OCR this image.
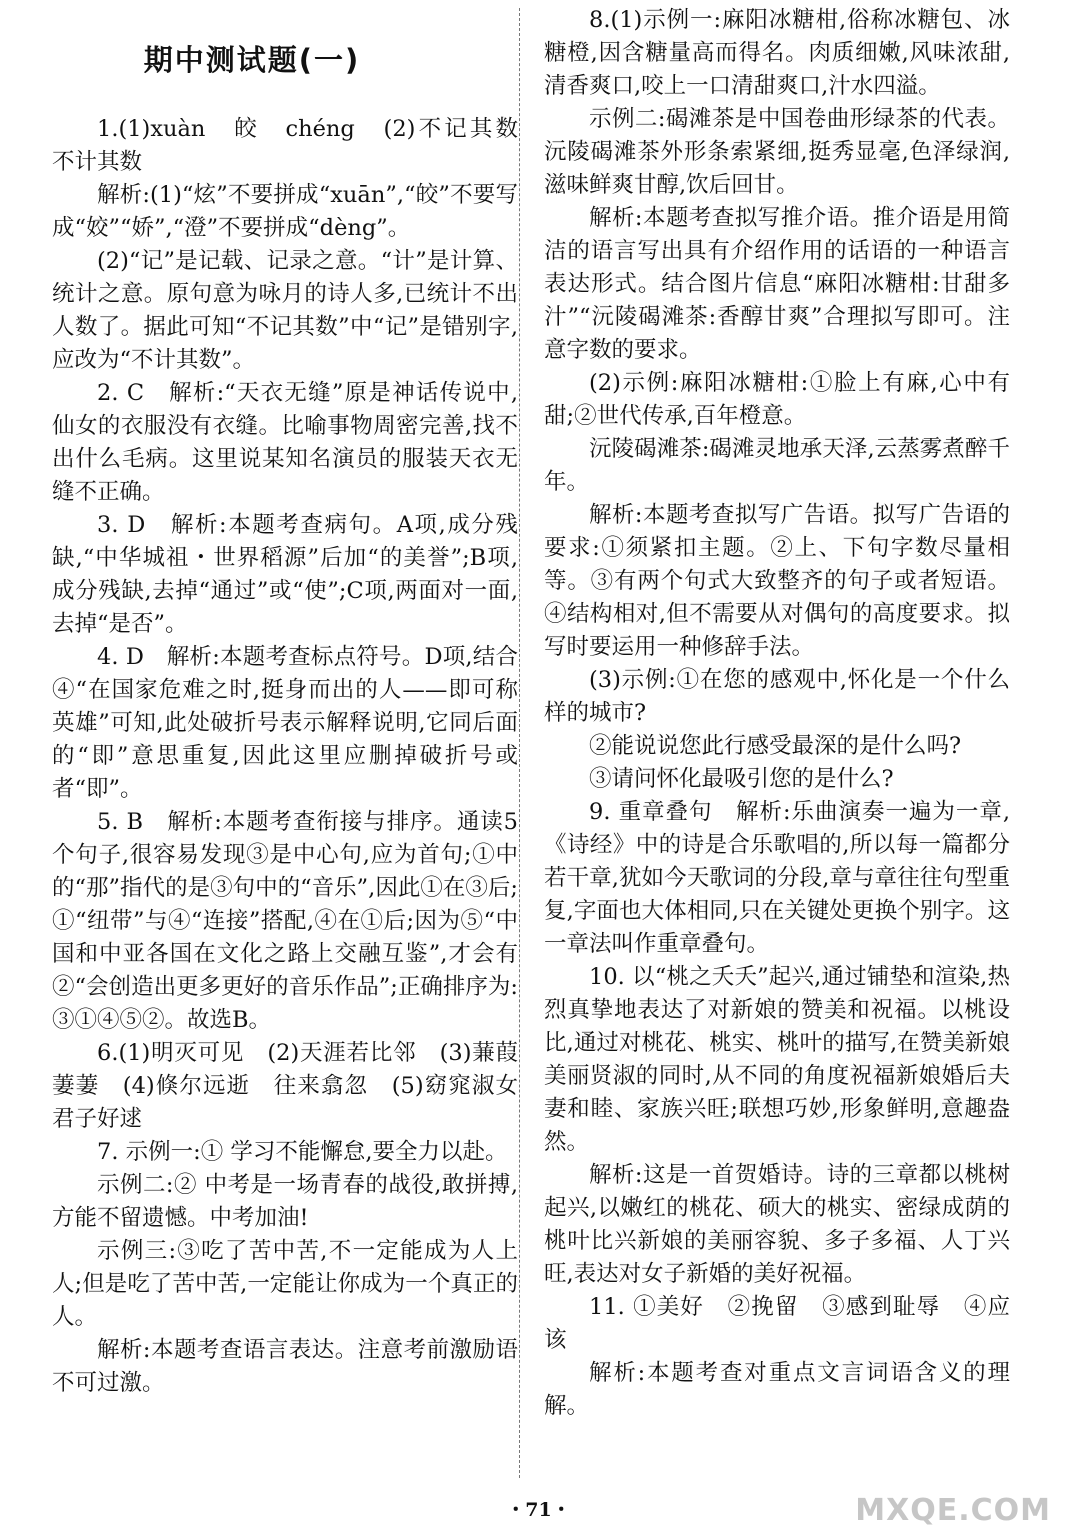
期中测试题(一)

1.(1)xuàn　皎　chéng　(2)不记其数　不计其数

解析:(1)“炫”不要拼成“xuān”,“皎”不要写成“姣”“娇”,“澄”不要拼成“dèng”。

(2)“记”是记载、记录之意。“计”是计算、统计之意。原句意为咏月的诗人多,已统计不出人数了。据此可知“不记其数”中“记”是错别字,应改为“不计其数”。

2. C　解析:“天衣无缝”原是神话传说中,仙女的衣服没有衣缝。比喻事物周密完善,找不出什么毛病。这里说某知名演员的服装天衣无缝不正确。

3. D　解析:本题考查病句。A项,成分残缺,“中华城祖・世界稻源”后加“的美誉”;B项,成分残缺,去掉“通过”或“使”;C项,两面对一面,去掉“是否”。

4. D　解析:本题考查标点符号。D项,结合④“在国家危难之时,挺身而出的人——即可称英雄”可知,此处破折号表示解释说明,它同后面的“即”意思重复,因此这里应删掉破折号或者“即”。

5. B　解析:本题考查衔接与排序。通读5个句子,很容易发现③是中心句,应为首句;①中的“那”指代的是③句中的“音乐”,因此①在③后;①“纽带”与④“连接”搭配,④在①后;因为⑤“中国和中亚各国在文化之路上交融互鉴”,才会有②“会创造出更多更好的音乐作品”;正确排序为:③①④⑤②。故选B。

6.(1)明灭可见　(2)天涯若比邻　(3)蒹葭萋萋　(4)倏尔远逝　往来翕忽　(5)窈窕淑女　君子好逑

7. 示例一:① 学习不能懈怠,要全力以赴。

示例二:② 中考是一场青春的战役,敢拼搏,方能不留遗憾。中考加油!

示例三:③吃了苦中苦,不一定能成为人上人;但是吃了苦中苦,一定能让你成为一个真正的人。

解析:本题考查语言表达。注意考前激励语不可过激。

8.(1)示例一:麻阳冰糖柑,俗称冰糖包、冰糖橙,因含糖量高而得名。肉质细嫩,风味浓甜,清香爽口,咬上一口清甜爽口,汁水四溢。

示例二:碣滩茶是中国卷曲形绿茶的代表。沅陵碣滩茶外形条索紧细,挺秀显毫,色泽绿润,滋味鲜爽甘醇,饮后回甘。

解析:本题考查拟写推介语。推介语是用简洁的语言写出具有介绍作用的话语的一种语言表达形式。结合图片信息“麻阳冰糖柑:甘甜多汁”“沅陵碣滩茶:香醇甘爽”合理拟写即可。注意字数的要求。

(2)示例:麻阳冰糖柑:①脸上有麻,心中有甜;②世代传承,百年橙意。

沅陵碣滩茶:碣滩灵地承天泽,云蒸雾煮醉千年。

解析:本题考查拟写广告语。拟写广告语的要求:①须紧扣主题。②上、下句字数尽量相等。③有两个句式大致整齐的句子或者短语。④结构相对,但不需要从对偶句的高度要求。拟写时要运用一种修辞手法。

(3)示例:①在您的感观中,怀化是一个什么样的城市?

②能说说您此行感受最深的是什么吗?

③请问怀化最吸引您的是什么?

9. 重章叠句　解析:乐曲演奏一遍为一章,《诗经》中的诗是合乐歌唱的,所以每一篇都分若干章,犹如今天歌词的分段,章与章往往句型重复,字面也大体相同,只在关键处更换个别字。这一章法叫作重章叠句。

10. 以“桃之夭夭”起兴,通过铺垫和渲染,热烈真挚地表达了对新娘的赞美和祝福。以桃设比,通过对桃花、桃实、桃叶的描写,在赞美新娘美丽贤淑的同时,从不同的角度祝福新娘婚后夫妻和睦、家族兴旺;联想巧妙,形象鲜明,意趣盎然。

解析:这是一首贺婚诗。诗的三章都以桃树起兴,以嫩红的桃花、硕大的桃实、密绿成荫的桃叶比兴新娘的美丽容貌、多子多福、人丁兴旺,表达对女子新婚的美好祝福。

11. ①美好　②挽留　③感到耻辱　④应该

解析:本题考查对重点文言词语含义的理解。

・71・	MXQE.COM
